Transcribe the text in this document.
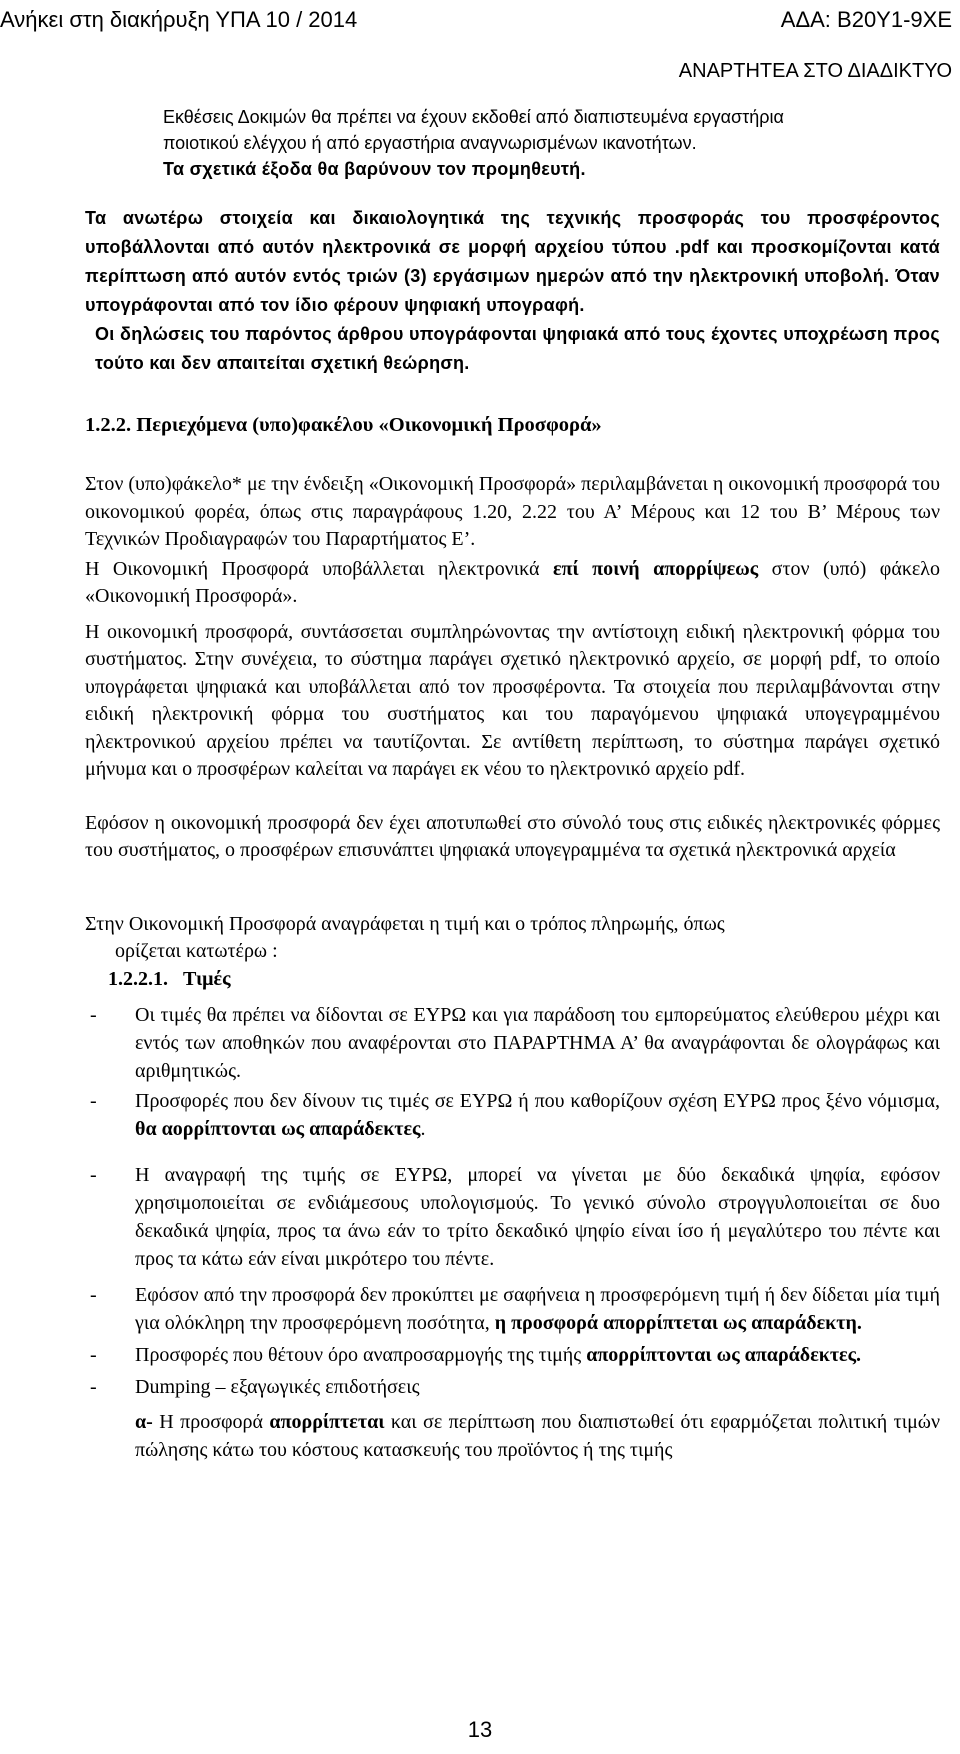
Ανήκει στη διακήρυξη ΥΠΑ 10 / 2014	ΑΔΑ: Β20Υ1-9ΧΕ
ΑΝΑΡΤΗΤΕΑ ΣΤΟ ΔΙΑΔΙΚΤΥΟ

Εκθέσεις Δοκιμών θα πρέπει να έχουν εκδοθεί από διαπιστευμένα εργαστήρια

ποιοτικού ελέγχου ή από εργαστήρια αναγνωρισμένων ικανοτήτων.

Τα σχετικά έξοδα θα βαρύνουν τον προμηθευτή.

Τα ανωτέρω στοιχεία και δικαιολογητικά της τεχνικής προσφοράς του προσφέροντος υποβάλλονται από αυτόν ηλεκτρονικά σε μορφή αρχείου τύπου .pdf και προσκομίζονται κατά περίπτωση από αυτόν εντός τριών (3) εργάσιμων ημερών από την ηλεκτρονική υποβολή. Όταν υπογράφονται από τον ίδιο φέρουν ψηφιακή υπογραφή.

Οι δηλώσεις του παρόντος άρθρου υπογράφονται ψηφιακά από τους έχοντες υποχρέωση προς τούτο και δεν απαιτείται σχετική θεώρηση.

1.2.2. Περιεχόμενα (υπο)φακέλου «Οικονομική Προσφορά»

Στον (υπο)φάκελο* με την ένδειξη «Οικονομική Προσφορά» περιλαμβάνεται η οικονομική προσφορά του οικονομικού φορέα, όπως στις παραγράφους 1.20, 2.22 του Α’ Μέρους και 12 του Β’ Μέρους των Τεχνικών Προδιαγραφών του Παραρτήματος Ε’.

Η Οικονομική Προσφορά υποβάλλεται ηλεκτρονικά επί ποινή απορρίψεως στον (υπό) φάκελο «Οικονομική Προσφορά».

Η οικονομική προσφορά, συντάσσεται συμπληρώνοντας την αντίστοιχη ειδική ηλεκτρονική φόρμα του συστήματος. Στην συνέχεια, το σύστημα παράγει σχετικό ηλεκτρονικό αρχείο, σε μορφή pdf, το οποίο υπογράφεται ψηφιακά και υποβάλλεται από τον προσφέροντα. Τα στοιχεία που περιλαμβάνονται στην ειδική ηλεκτρονική φόρμα του συστήματος και του παραγόμενου ψηφιακά υπογεγραμμένου ηλεκτρονικού αρχείου πρέπει να ταυτίζονται. Σε αντίθετη περίπτωση, το σύστημα παράγει σχετικό μήνυμα και ο προσφέρων καλείται να παράγει εκ νέου το ηλεκτρονικό αρχείο pdf.

Εφόσον η οικονομική προσφορά δεν έχει αποτυπωθεί στο σύνολό τους στις ειδικές ηλεκτρονικές φόρμες του συστήματος, ο προσφέρων επισυνάπτει ψηφιακά υπογεγραμμένα τα σχετικά ηλεκτρονικά αρχεία

Στην Οικονομική Προσφορά αναγράφεται η τιμή και ο τρόπος πληρωμής, όπως

ορίζεται κατωτέρω :

1.2.2.1. Τιμές

- Οι τιμές θα πρέπει να δίδονται σε ΕΥΡΩ και για παράδοση του εμπορεύματος ελεύθερου μέχρι και εντός των αποθηκών που αναφέρονται στο ΠΑΡΑΡΤΗΜΑ Α’ θα αναγράφονται δε ολογράφως και αριθμητικώς.
- Προσφορές που δεν δίνουν τις τιμές σε ΕΥΡΩ ή που καθορίζουν σχέση ΕΥΡΩ προς ξένο νόμισμα, θα αορρίπτονται ως απαράδεκτες.
- Η αναγραφή της τιμής σε ΕΥΡΩ, μπορεί να γίνεται με δύο δεκαδικά ψηφία, εφόσον χρησιμοποιείται σε ενδιάμεσους υπολογισμούς. Το γενικό σύνολο στρογγυλοποιείται σε δυο δεκαδικά ψηφία, προς τα άνω εάν το τρίτο δεκαδικό ψηφίο είναι ίσο ή μεγαλύτερο του πέντε και προς τα κάτω εάν είναι μικρότερο του πέντε.
- Εφόσον από την προσφορά δεν προκύπτει με σαφήνεια η προσφερόμενη τιμή ή δεν δίδεται μία τιμή για ολόκληρη την προσφερόμενη ποσότητα, η προσφορά απορρίπτεται ως απαράδεκτη.
- Προσφορές που θέτουν όρο αναπροσαρμογής της τιμής απορρίπτονται ως απαράδεκτες.
- Dumping – εξαγωγικές επιδοτήσεις

α- Η προσφορά απορρίπτεται και σε περίπτωση που διαπιστωθεί ότι εφαρμόζεται πολιτική τιμών πώλησης κάτω του κόστους κατασκευής του προϊόντος ή της τιμής

13
